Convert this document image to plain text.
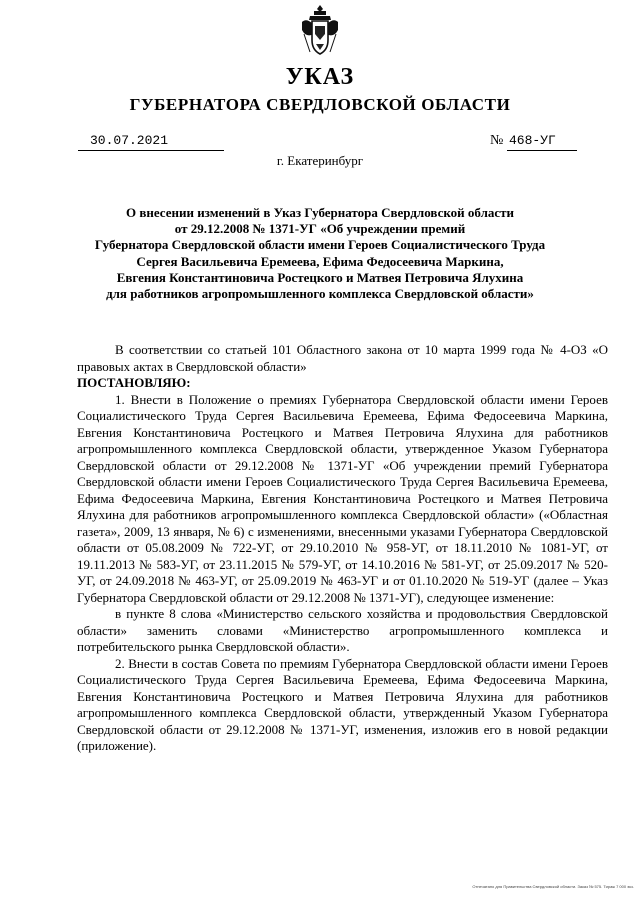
УКАЗ
ГУБЕРНАТОРА СВЕРДЛОВСКОЙ ОБЛАСТИ
30.07.2021	№ 468-УГ
г. Екатеринбург
О внесении изменений в Указ Губернатора Свердловской области
от 29.12.2008 № 1371-УГ «Об учреждении премий
Губернатора Свердловской области имени Героев Социалистического Труда
Сергея Васильевича Еремеева, Ефима Федосеевича Маркина,
Евгения Константиновича Ростецкого и Матвея Петровича Ялухина
для работников агропромышленного комплекса Свердловской области»

В соответствии со статьей 101 Областного закона от 10 марта 1999 года № 4-ОЗ «О правовых актах в Свердловской области»

ПОСТАНОВЛЯЮ:

1. Внести в Положение о премиях Губернатора Свердловской области имени Героев Социалистического Труда Сергея Васильевича Еремеева, Ефима Федосеевича Маркина, Евгения Константиновича Ростецкого и Матвея Петровича Ялухина для работников агропромышленного комплекса Свердловской области, утвержденное Указом Губернатора Свердловской области от 29.12.2008 № 1371-УГ «Об учреждении премий Губернатора Свердловской области имени Героев Социалистического Труда Сергея Васильевича Еремеева, Ефима Федосеевича Маркина, Евгения Константиновича Ростецкого и Матвея Петровича Ялухина для работников агропромышленного комплекса Свердловской области» («Областная газета», 2009, 13 января, № 6) с изменениями, внесенными указами Губернатора Свердловской области от 05.08.2009 № 722-УГ, от 29.10.2010 № 958-УГ, от 18.11.2010 № 1081-УГ, от 19.11.2013 № 583-УГ, от 23.11.2015 № 579-УГ, от 14.10.2016 № 581-УГ, от 25.09.2017 № 520-УГ, от 24.09.2018 № 463-УГ, от 25.09.2019 № 463-УГ и от 01.10.2020 № 519-УГ (далее – Указ Губернатора Свердловской области от 29.12.2008 № 1371-УГ), следующее изменение:

в пункте 8 слова «Министерство сельского хозяйства и продовольствия Свердловской области» заменить словами «Министерство агропромышленного комплекса и потребительского рынка Свердловской области».

2. Внести в состав Совета по премиям Губернатора Свердловской области имени Героев Социалистического Труда Сергея Васильевича Еремеева, Ефима Федосеевича Маркина, Евгения Константиновича Ростецкого и Матвея Петровича Ялухина для работников агропромышленного комплекса Свердловской области, утвержденный Указом Губернатора Свердловской области от 29.12.2008 № 1371-УГ, изменения, изложив его в новой редакции (приложение).

Отпечатано для Правительства Свердловской области. Заказ № 575. Тираж 7 000 экз.
